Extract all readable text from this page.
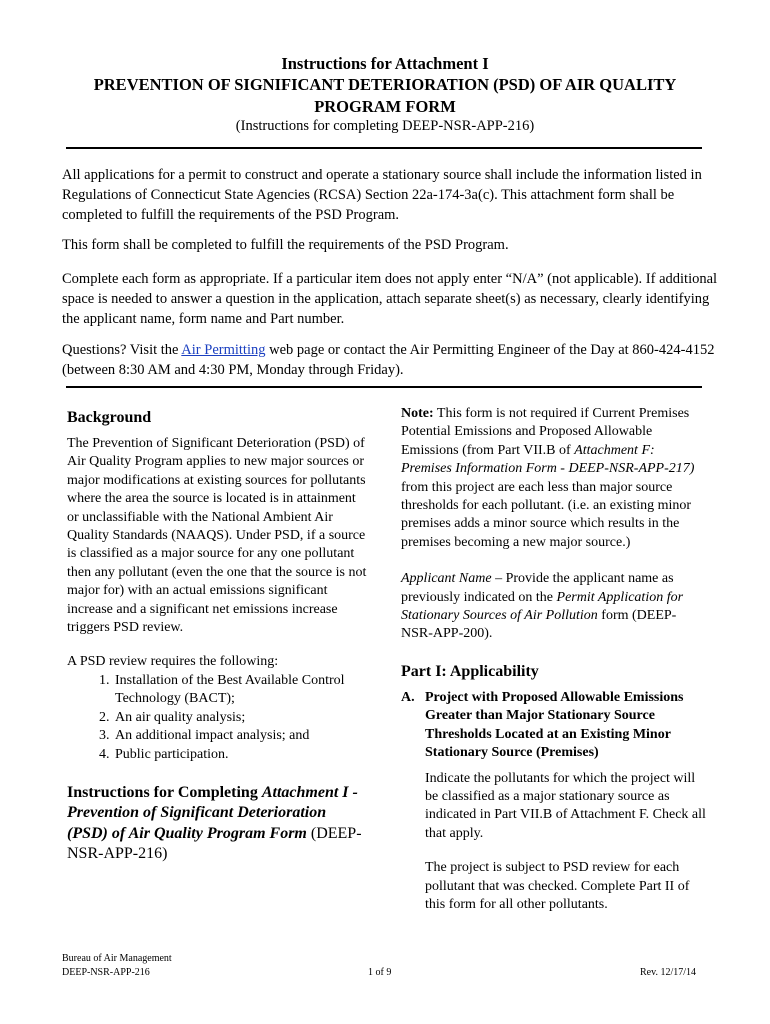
Instructions for Attachment I
PREVENTION OF SIGNIFICANT DETERIORATION (PSD) OF AIR QUALITY
PROGRAM FORM
(Instructions for completing DEEP-NSR-APP-216)

All applications for a permit to construct and operate a stationary source shall include the information listed in Regulations of Connecticut State Agencies (RCSA) Section 22a-174-3a(c). This attachment form shall be completed to fulfill the requirements of the PSD Program.

This form shall be completed to fulfill the requirements of the PSD Program.

Complete each form as appropriate. If a particular item does not apply enter “N/A” (not applicable). If additional space is needed to answer a question in the application, attach separate sheet(s) as necessary, clearly identifying the applicant name, form name and Part number.

Questions? Visit the Air Permitting web page or contact the Air Permitting Engineer of the Day at 860-424-4152 (between 8:30 AM and 4:30 PM, Monday through Friday).

Background

The Prevention of Significant Deterioration (PSD) of Air Quality Program applies to new major sources or major modifications at existing sources for pollutants where the area the source is located is in attainment or unclassifiable with the National Ambient Air Quality Standards (NAAQS). Under PSD, if a source is classified as a major source for any one pollutant then any pollutant (even the one that the source is not major for) with an actual emissions significant increase and a significant net emissions increase triggers PSD review.

A PSD review requires the following:

1. Installation of the Best Available Control Technology (BACT);
2. An air quality analysis;
3. An additional impact analysis; and
4. Public participation.

Instructions for Completing Attachment I - Prevention of Significant Deterioration (PSD) of Air Quality Program Form (DEEP-NSR-APP-216)

Note: This form is not required if Current Premises Potential Emissions and Proposed Allowable Emissions (from Part VII.B of Attachment F: Premises Information Form - DEEP-NSR-APP-217) from this project are each less than major source thresholds for each pollutant. (i.e. an existing minor premises adds a minor source which results in the premises becoming a new major source.)

Applicant Name – Provide the applicant name as previously indicated on the Permit Application for Stationary Sources of Air Pollution form (DEEP-NSR-APP-200).

Part I: Applicability
A. Project with Proposed Allowable Emissions Greater than Major Stationary Source Thresholds Located at an Existing Minor Stationary Source (Premises)

Indicate the pollutants for which the project will be classified as a major stationary source as indicated in Part VII.B of Attachment F. Check all that apply.

The project is subject to PSD review for each pollutant that was checked. Complete Part II of this form for all other pollutants.

Bureau of Air Management
DEEP-NSR-APP-216	1 of 9	Rev. 12/17/14
